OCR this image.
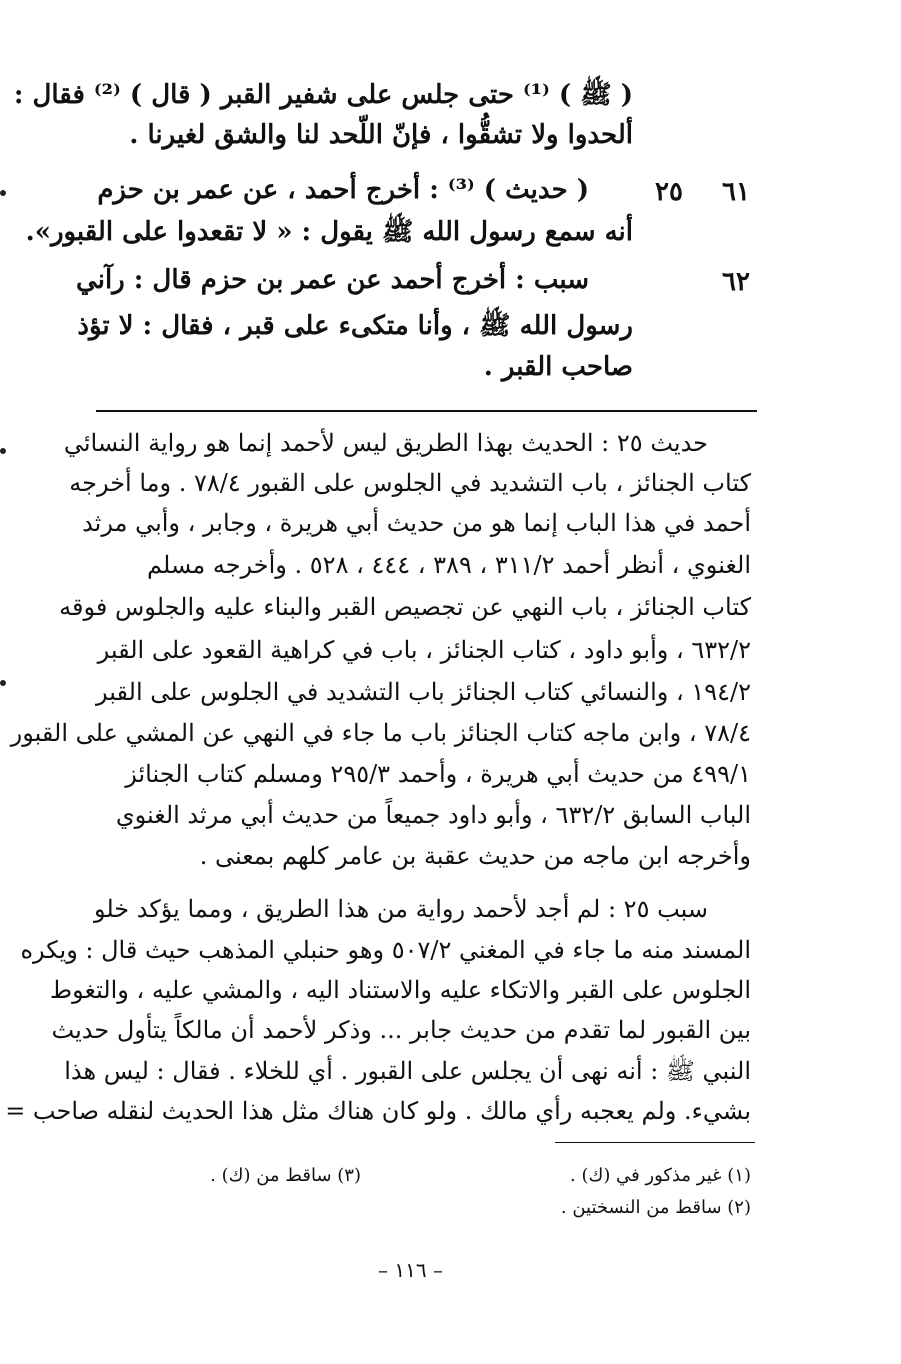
( ﷺ ) ⁽¹⁾ حتى جلس على شفير القبر ( قال ) ⁽²⁾ فقال :
ألحدوا ولا تشقُّوا ، فإنّ اللّحد لنا والشق لغيرنا .
٦١
٢٥
( حديث ) ⁽³⁾ : أخرج أحمد ، عن عمر بن حزم
أنه سمع رسول الله ﷺ يقول : « لا تقعدوا على القبور».
٦٢
سبب : أخرج أحمد عن عمر بن حزم قال : رآني
رسول الله ﷺ ، وأنا متكىء على قبر ، فقال : لا تؤذ
صاحب القبر .
حديث ٢٥ : الحديث بهذا الطريق ليس لأحمد إنما هو رواية النسائي
كتاب الجنائز ، باب التشديد في الجلوس على القبور ٧٨/٤ . وما أخرجه
أحمد في هذا الباب إنما هو من حديث أبي هريرة ، وجابر ، وأبي مرثد
الغنوي ، أنظر أحمد ٣١١/٢ ، ٣٨٩ ، ٤٤٤ ، ٥٢٨ . وأخرجه مسلم
كتاب الجنائز ، باب النهي عن تجصيص القبر والبناء عليه والجلوس فوقه
٦٣٢/٢ ، وأبو داود ، كتاب الجنائز ، باب في كراهية القعود على القبر
١٩٤/٢ ، والنسائي كتاب الجنائز باب التشديد في الجلوس على القبر
٧٨/٤ ، وابن ماجه كتاب الجنائز باب ما جاء في النهي عن المشي على القبور
٤٩٩/١ من حديث أبي هريرة ، وأحمد ٢٩٥/٣ ومسلم كتاب الجنائز
الباب السابق ٦٣٢/٢ ، وأبو داود جميعاً من حديث أبي مرثد الغنوي
وأخرجه ابن ماجه من حديث عقبة بن عامر كلهم بمعنى .
سبب ٢٥ : لم أجد لأحمد رواية من هذا الطريق ، ومما يؤكد خلو
المسند منه ما جاء في المغني ٥٠٧/٢ وهو حنبلي المذهب حيث قال : ويكره
الجلوس على القبر والاتكاء عليه والاستناد اليه ، والمشي عليه ، والتغوط
بين القبور لما تقدم من حديث جابر ... وذكر لأحمد أن مالكاً يتأول حديث
النبي ﷺ : أنه نهى أن يجلس على القبور . أي للخلاء . فقال : ليس هذا
بشيء. ولم يعجبه رأي مالك . ولو كان هناك مثل هذا الحديث لنقله صاحب =
(١) غير مذكور في (ك) .
(٢) ساقط من النسختين .
(٣) ساقط من (ك) .
– ١١٦ –
